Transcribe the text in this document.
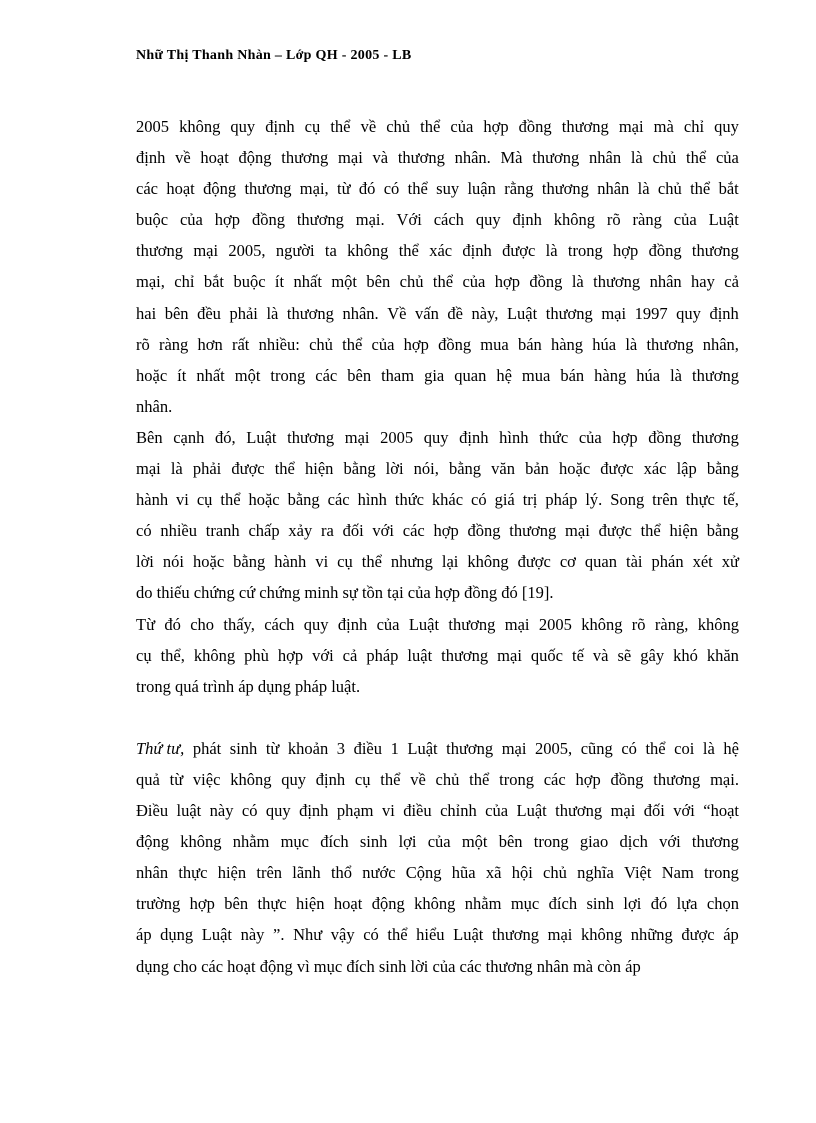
Nhữ Thị Thanh Nhàn – Lớp QH - 2005 - LB
2005 không quy định cụ thể về chủ thể của hợp đồng thương mại mà chỉ quy
định về hoạt động thương mại và thương nhân. Mà thương nhân là chủ thể của
các hoạt động thương mại, từ đó có thể suy luận rằng thương nhân là chủ thể bắt
buộc của hợp đồng thương mại. Với cách quy định không rõ ràng của Luật
thương mại 2005, người ta không thể xác định được là trong hợp đồng thương
mại, chỉ bắt buộc ít nhất một bên chủ thể của hợp đồng là thương nhân hay cả
hai bên đều phải là thương nhân. Về vấn đề này, Luật thương mại 1997 quy định
rõ ràng hơn rất nhiều: chủ thể của hợp đồng mua bán hàng húa là thương nhân,
hoặc ít nhất một trong các bên tham gia quan hệ mua bán hàng húa là thương
nhân.
Bên cạnh đó, Luật thương mại 2005 quy định hình thức của hợp đồng thương
mại là phải được thể hiện bằng lời nói, bằng văn bản hoặc được xác lập bằng
hành vi cụ thể hoặc bằng các hình thức khác có giá trị pháp lý. Song trên thực tế,
có nhiều tranh chấp xảy ra đối với các hợp đồng thương mại được thể hiện bằng
lời nói hoặc bằng hành vi cụ thể nhưng lại không được cơ quan tài phán xét xử
do thiếu chứng cứ chứng minh sự tồn tại của hợp đồng đó [19].
Từ đó cho thấy, cách quy định của Luật thương mại 2005 không rõ ràng, không
cụ thể, không phù hợp với cả pháp luật thương mại quốc tế và sẽ gây khó khăn
trong quá trình áp dụng pháp luật.
Thứ tư, phát sinh từ khoản 3 điều 1 Luật thương mại 2005, cũng có thể coi là hệ
quả từ việc không quy định cụ thể về chủ thể trong các hợp đồng thương mại.
Điều luật này có quy định phạm vi điều chỉnh của Luật thương mại đối với “hoạt
động không nhằm mục đích sinh lợi của một bên trong giao dịch với thương
nhân thực hiện trên lãnh thổ nước Cộng hũa xã hội chủ nghĩa Việt Nam trong
trường hợp bên thực hiện hoạt động không nhằm mục đích sinh lợi đó lựa chọn
áp dụng Luật này ”. Như vậy có thể hiểu Luật thương mại không những được áp
dụng cho các hoạt động vì mục đích sinh lời của các thương nhân mà còn áp
